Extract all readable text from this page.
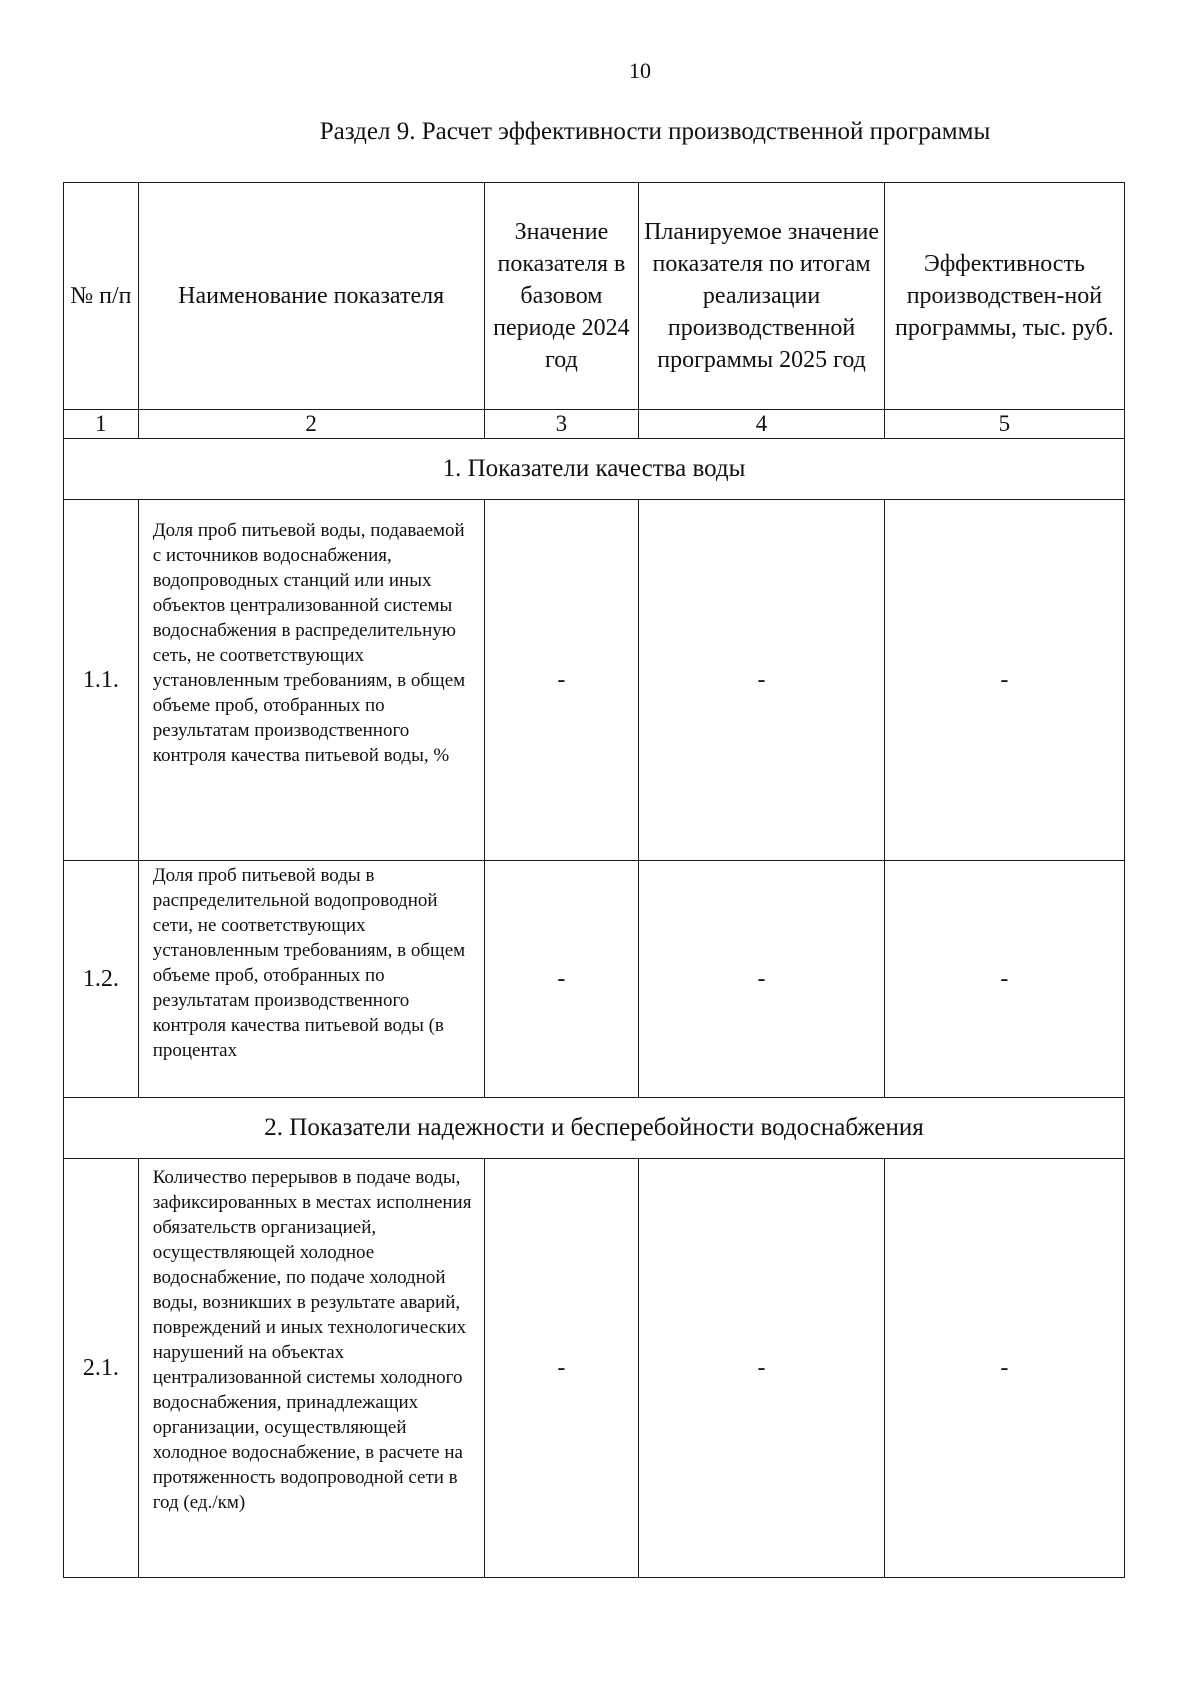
10
Раздел 9. Расчет эффективности производственной программы
№ п/п	Наименование показателя	Значение показателя в базовом периоде 2024 год	Планируемое значение показателя по итогам реализации производственной программы 2025 год	Эффективность производствен-ной программы, тыс. руб.
1	2	3	4	5
1. Показатели качества воды				
1.1.	Доля проб питьевой воды, подаваемой с источников водоснабжения, водопроводных станций или иных объектов централизованной системы водоснабжения в распределительную сеть, не соответствующих установленным требованиям, в общем объеме проб, отобранных по результатам производственного контроля качества питьевой воды, %	-	-	-
1.2.	Доля проб питьевой воды в распределительной водопроводной сети, не соответствующих установленным требованиям, в общем объеме проб, отобранных по результатам производственного контроля качества питьевой воды (в процентах	-	-	-
2. Показатели надежности и бесперебойности водоснабжения				
2.1.	Количество перерывов в подаче воды, зафиксированных в местах исполнения обязательств организацией, осуществляющей холодное водоснабжение, по подаче холодной воды, возникших в результате аварий, повреждений и иных технологических нарушений на объектах централизованной системы холодного водоснабжения, принадлежащих организации, осуществляющей холодное водоснабжение, в расчете на протяженность водопроводной сети в год (ед./км)	-	-	-
